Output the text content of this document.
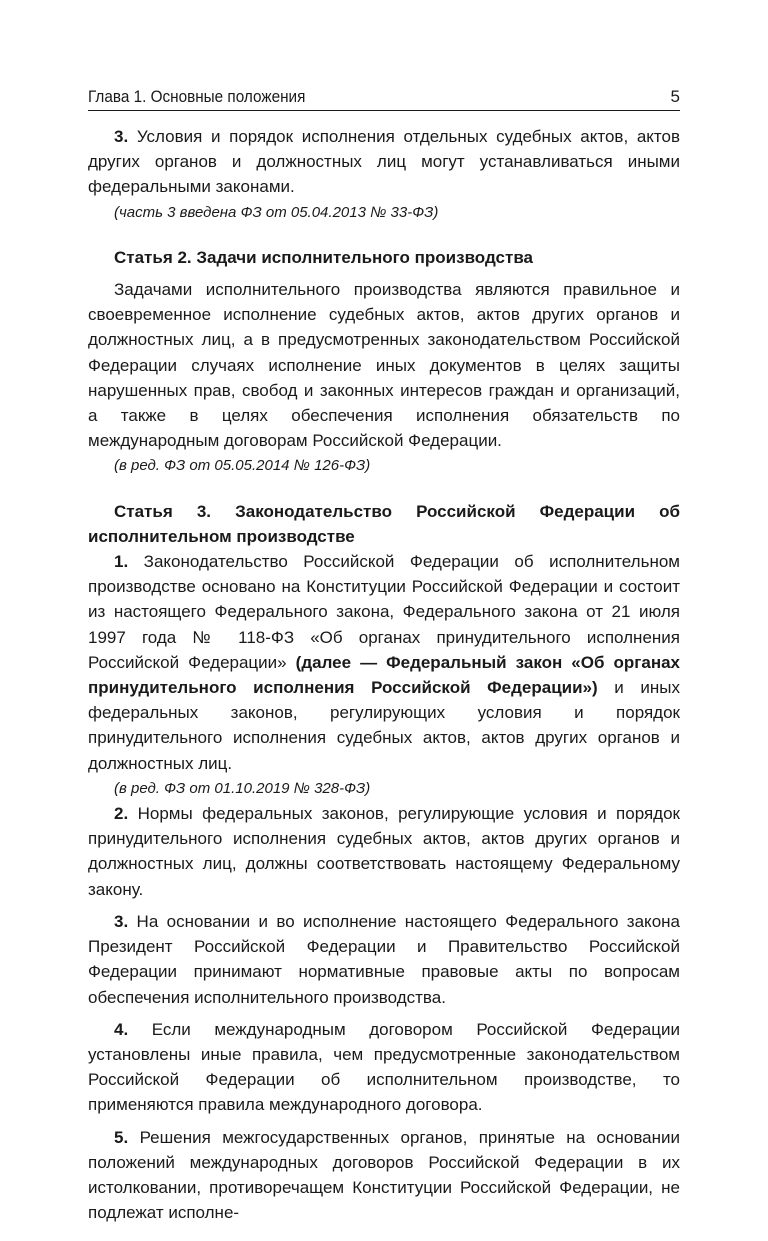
Глава 1. Основные положения	5

3. Условия и порядок исполнения отдельных судебных актов, актов других органов и должностных лиц могут устанавливаться иными федеральными законами.

(часть 3 введена ФЗ от 05.04.2013 № 33-ФЗ)

Статья 2. Задачи исполнительного производства

Задачами исполнительного производства являются правильное и своевременное исполнение судебных актов, актов других органов и должностных лиц, а в предусмотренных законодательством Российской Федерации случаях исполнение иных документов в целях защиты нарушенных прав, свобод и законных интересов граждан и организаций, а также в целях обеспечения исполнения обязательств по международным договорам Российской Федерации.

(в ред. ФЗ от 05.05.2014 № 126-ФЗ)

Статья 3. Законодательство Российской Федерации об исполнительном производстве

1. Законодательство Российской Федерации об исполнительном производстве основано на Конституции Российской Федерации и состоит из настоящего Федерального закона, Федерального закона от 21 июля 1997 года № 118-ФЗ «Об органах принудительного исполнения Российской Федерации» (далее — Федеральный закон «Об органах принудительного исполнения Российской Федерации») и иных федеральных законов, регулирующих условия и порядок принудительного исполнения судебных актов, актов других органов и должностных лиц.

(в ред. ФЗ от 01.10.2019 № 328-ФЗ)

2. Нормы федеральных законов, регулирующие условия и порядок принудительного исполнения судебных актов, актов других органов и должностных лиц, должны соответствовать настоящему Федеральному закону.

3. На основании и во исполнение настоящего Федерального закона Президент Российской Федерации и Правительство Российской Федерации принимают нормативные правовые акты по вопросам обеспечения исполнительного производства.

4. Если международным договором Российской Федерации установлены иные правила, чем предусмотренные законодательством Российской Федерации об исполнительном производстве, то применяются правила международного договора.

5. Решения межгосударственных органов, принятые на основании положений международных договоров Российской Федерации в их истолковании, противоречащем Конституции Российской Федерации, не подлежат исполне-
